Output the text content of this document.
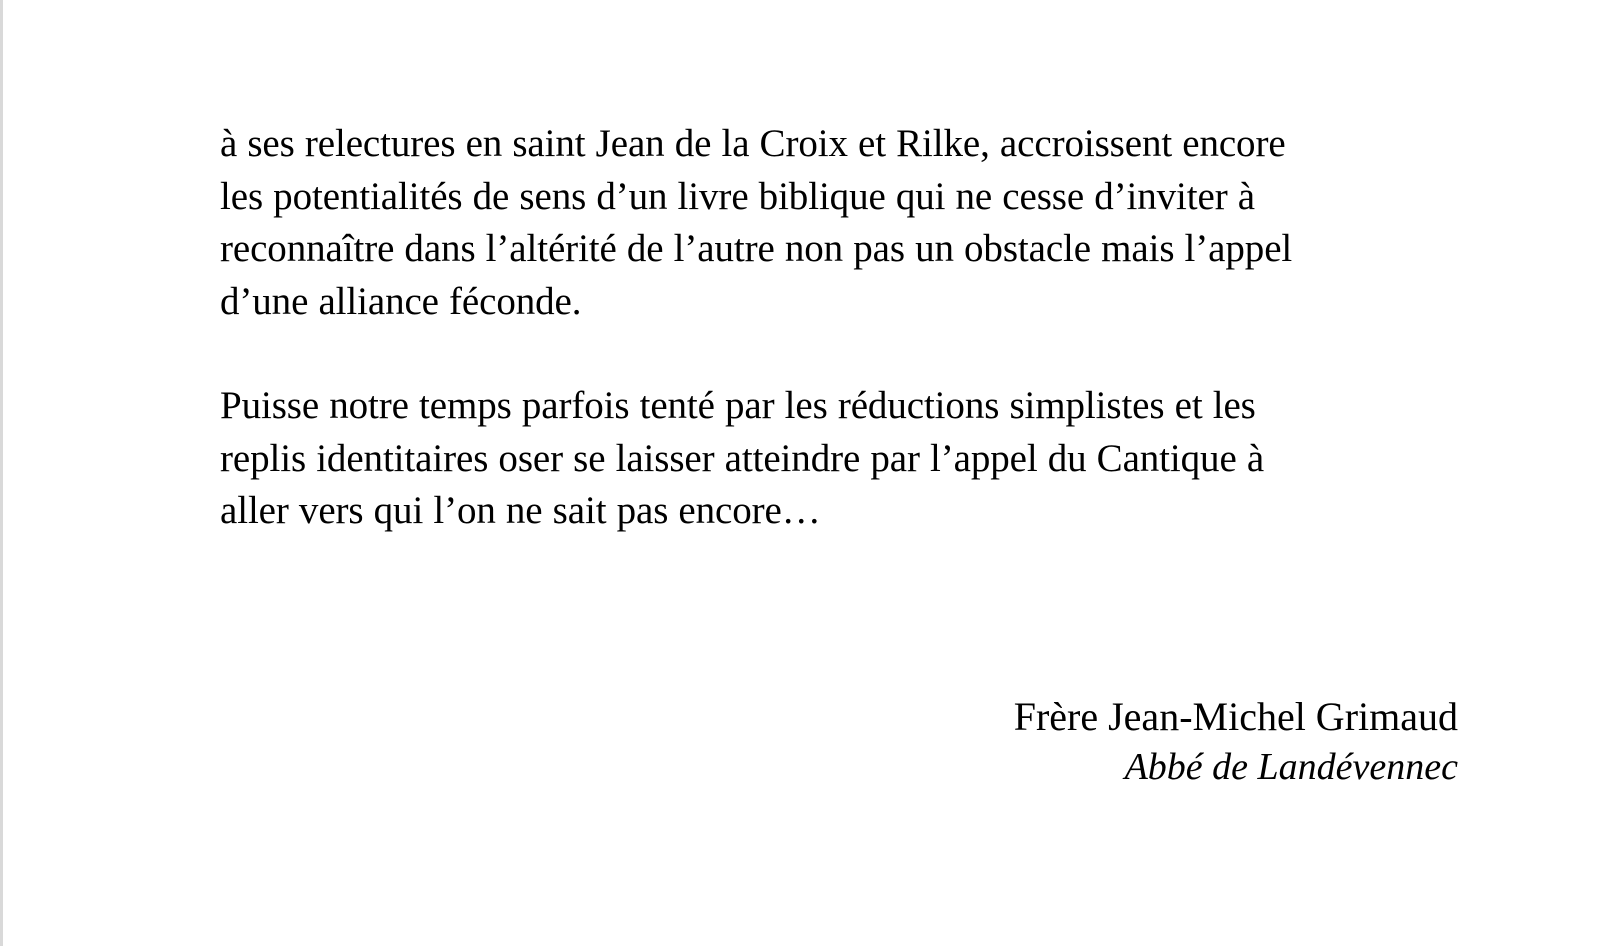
à ses relectures en saint Jean de la Croix et Rilke, accroissent encore
les potentialités de sens d’un livre biblique qui ne cesse d’inviter à
reconnaître dans l’altérité de l’autre non pas un obstacle mais l’appel
d’une alliance féconde.

Puisse notre temps parfois tenté par les réductions simplistes et les
replis identitaires oser se laisser atteindre par l’appel du Cantique à
aller vers qui l’on ne sait pas encore…

Frère Jean-Michel Grimaud
Abbé de Landévennec
